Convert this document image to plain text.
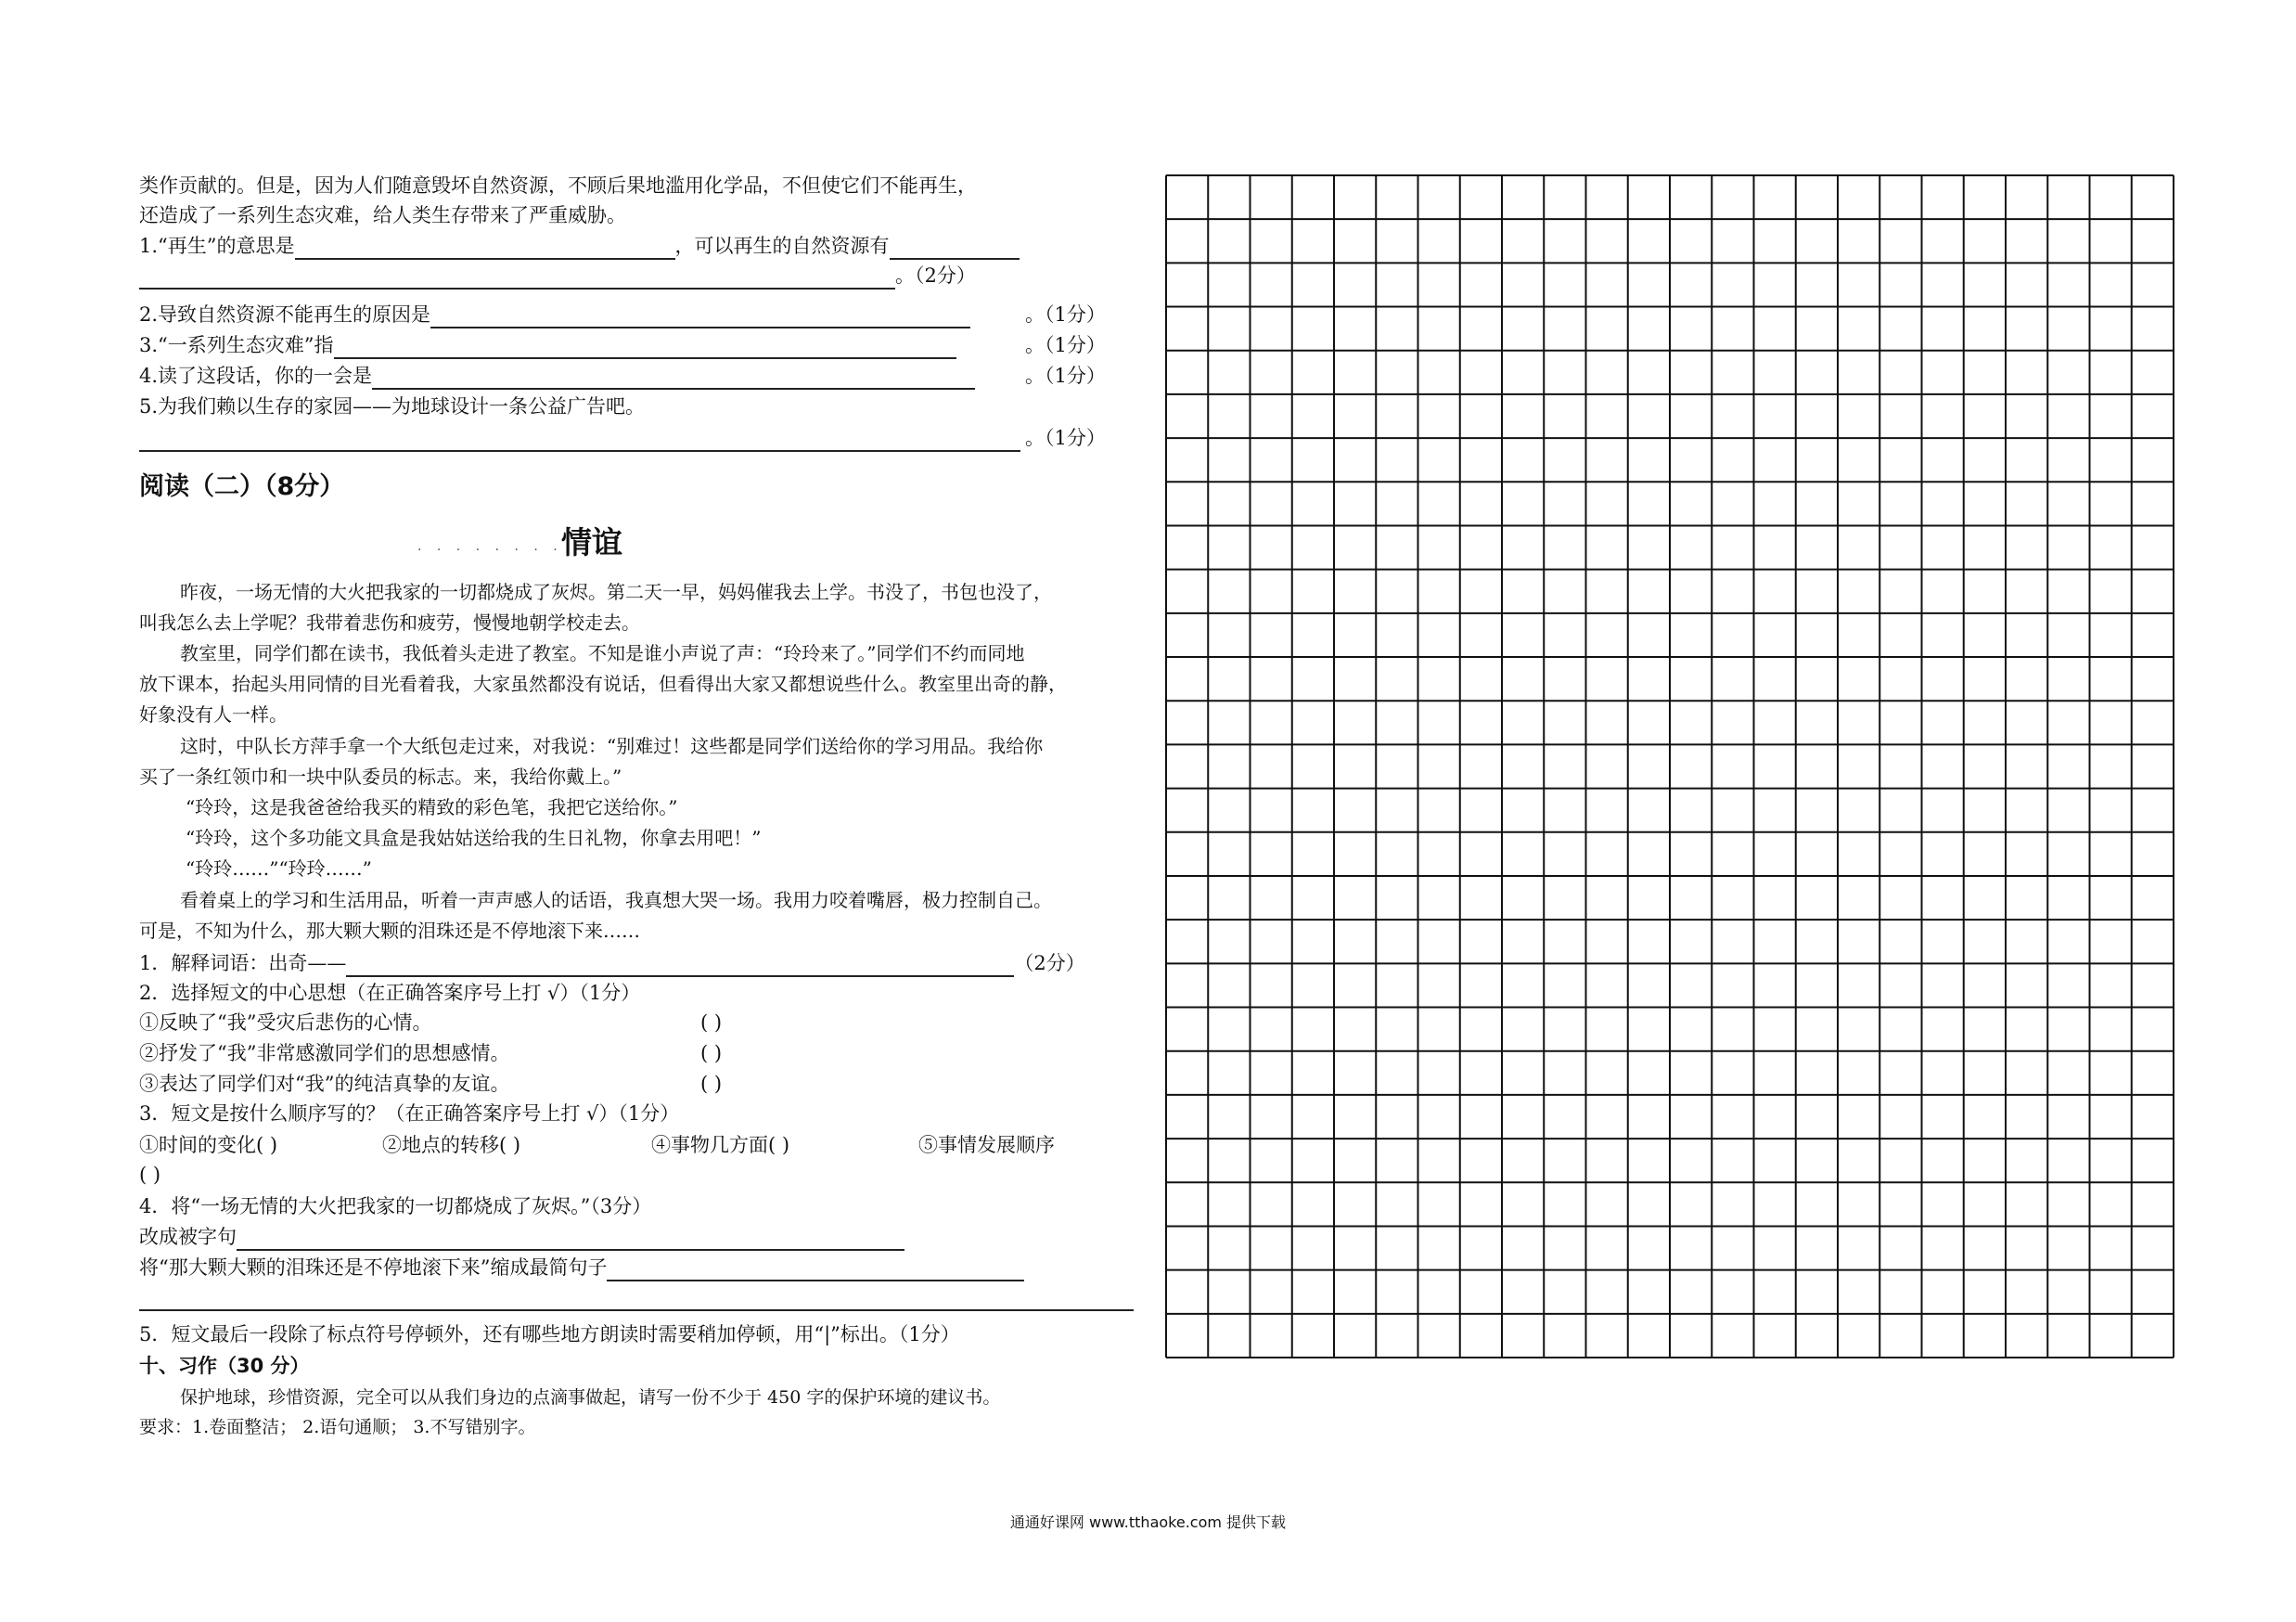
类作贡献的。但是，因为人们随意毁坏自然资源，不顾后果地滥用化学品，不但使它们不能再生，
还造成了一系列生态灾难，给人类生存带来了严重威胁。
1.“再生”的意思是	，可以再生的自然资源有
。（2分）
2.导致自然资源不能再生的原因是	。（1分）
3.“一系列生态灾难”指	。（1分）
4.读了这段话，你的一会是	。（1分）
5.为我们赖以生存的家园——为地球设计一条公益广告吧。
。（1分）
阅读（二）（8分）
· · · · · · · ·
情谊
昨夜，一场无情的大火把我家的一切都烧成了灰烬。第二天一早，妈妈催我去上学。书没了，书包也没了，
叫我怎么去上学呢？我带着悲伤和疲劳，慢慢地朝学校走去。
教室里，同学们都在读书，我低着头走进了教室。不知是谁小声说了声：“玲玲来了。”同学们不约而同地
放下课本，抬起头用同情的目光看着我，大家虽然都没有说话，但看得出大家又都想说些什么。教室里出奇的静，
好象没有人一样。
这时，中队长方萍手拿一个大纸包走过来，对我说：“别难过！这些都是同学们送给你的学习用品。我给你
买了一条红领巾和一块中队委员的标志。来，我给你戴上。”
“玲玲，这是我爸爸给我买的精致的彩色笔，我把它送给你。”
“玲玲，这个多功能文具盒是我姑姑送给我的生日礼物，你拿去用吧！”
“玲玲……”“玲玲……”
看着桌上的学习和生活用品，听着一声声感人的话语，我真想大哭一场。我用力咬着嘴唇，极力控制自己。
可是，不知为什么，那大颗大颗的泪珠还是不停地滚下来……
1．解释词语：出奇——	（2分）
2．选择短文的中心思想（在正确答案序号上打 √）（1分）
①反映了“我”受灾后悲伤的心情。	( )
②抒发了“我”非常感激同学们的思想感情。	( )
③表达了同学们对“我”的纯洁真挚的友谊。	( )
3．短文是按什么顺序写的？（在正确答案序号上打 √）（1分）
①时间的变化( )	②地点的转移( )	④事物几方面( )	⑤事情发展顺序
( )
4．将“一场无情的大火把我家的一切都烧成了灰烬。”（3分）
改成被字句
将“那大颗大颗的泪珠还是不停地滚下来”缩成最简句子
5．短文最后一段除了标点符号停顿外，还有哪些地方朗读时需要稍加停顿，用“|”标出。（1分）
十、习作（30 分）
保护地球，珍惜资源，完全可以从我们身边的点滴事做起，请写一份不少于 450 字的保护环境的建议书。
要求：1.卷面整洁； 2.语句通顺； 3.不写错别字。
通通好课网 www.tthaoke.com 提供下载
